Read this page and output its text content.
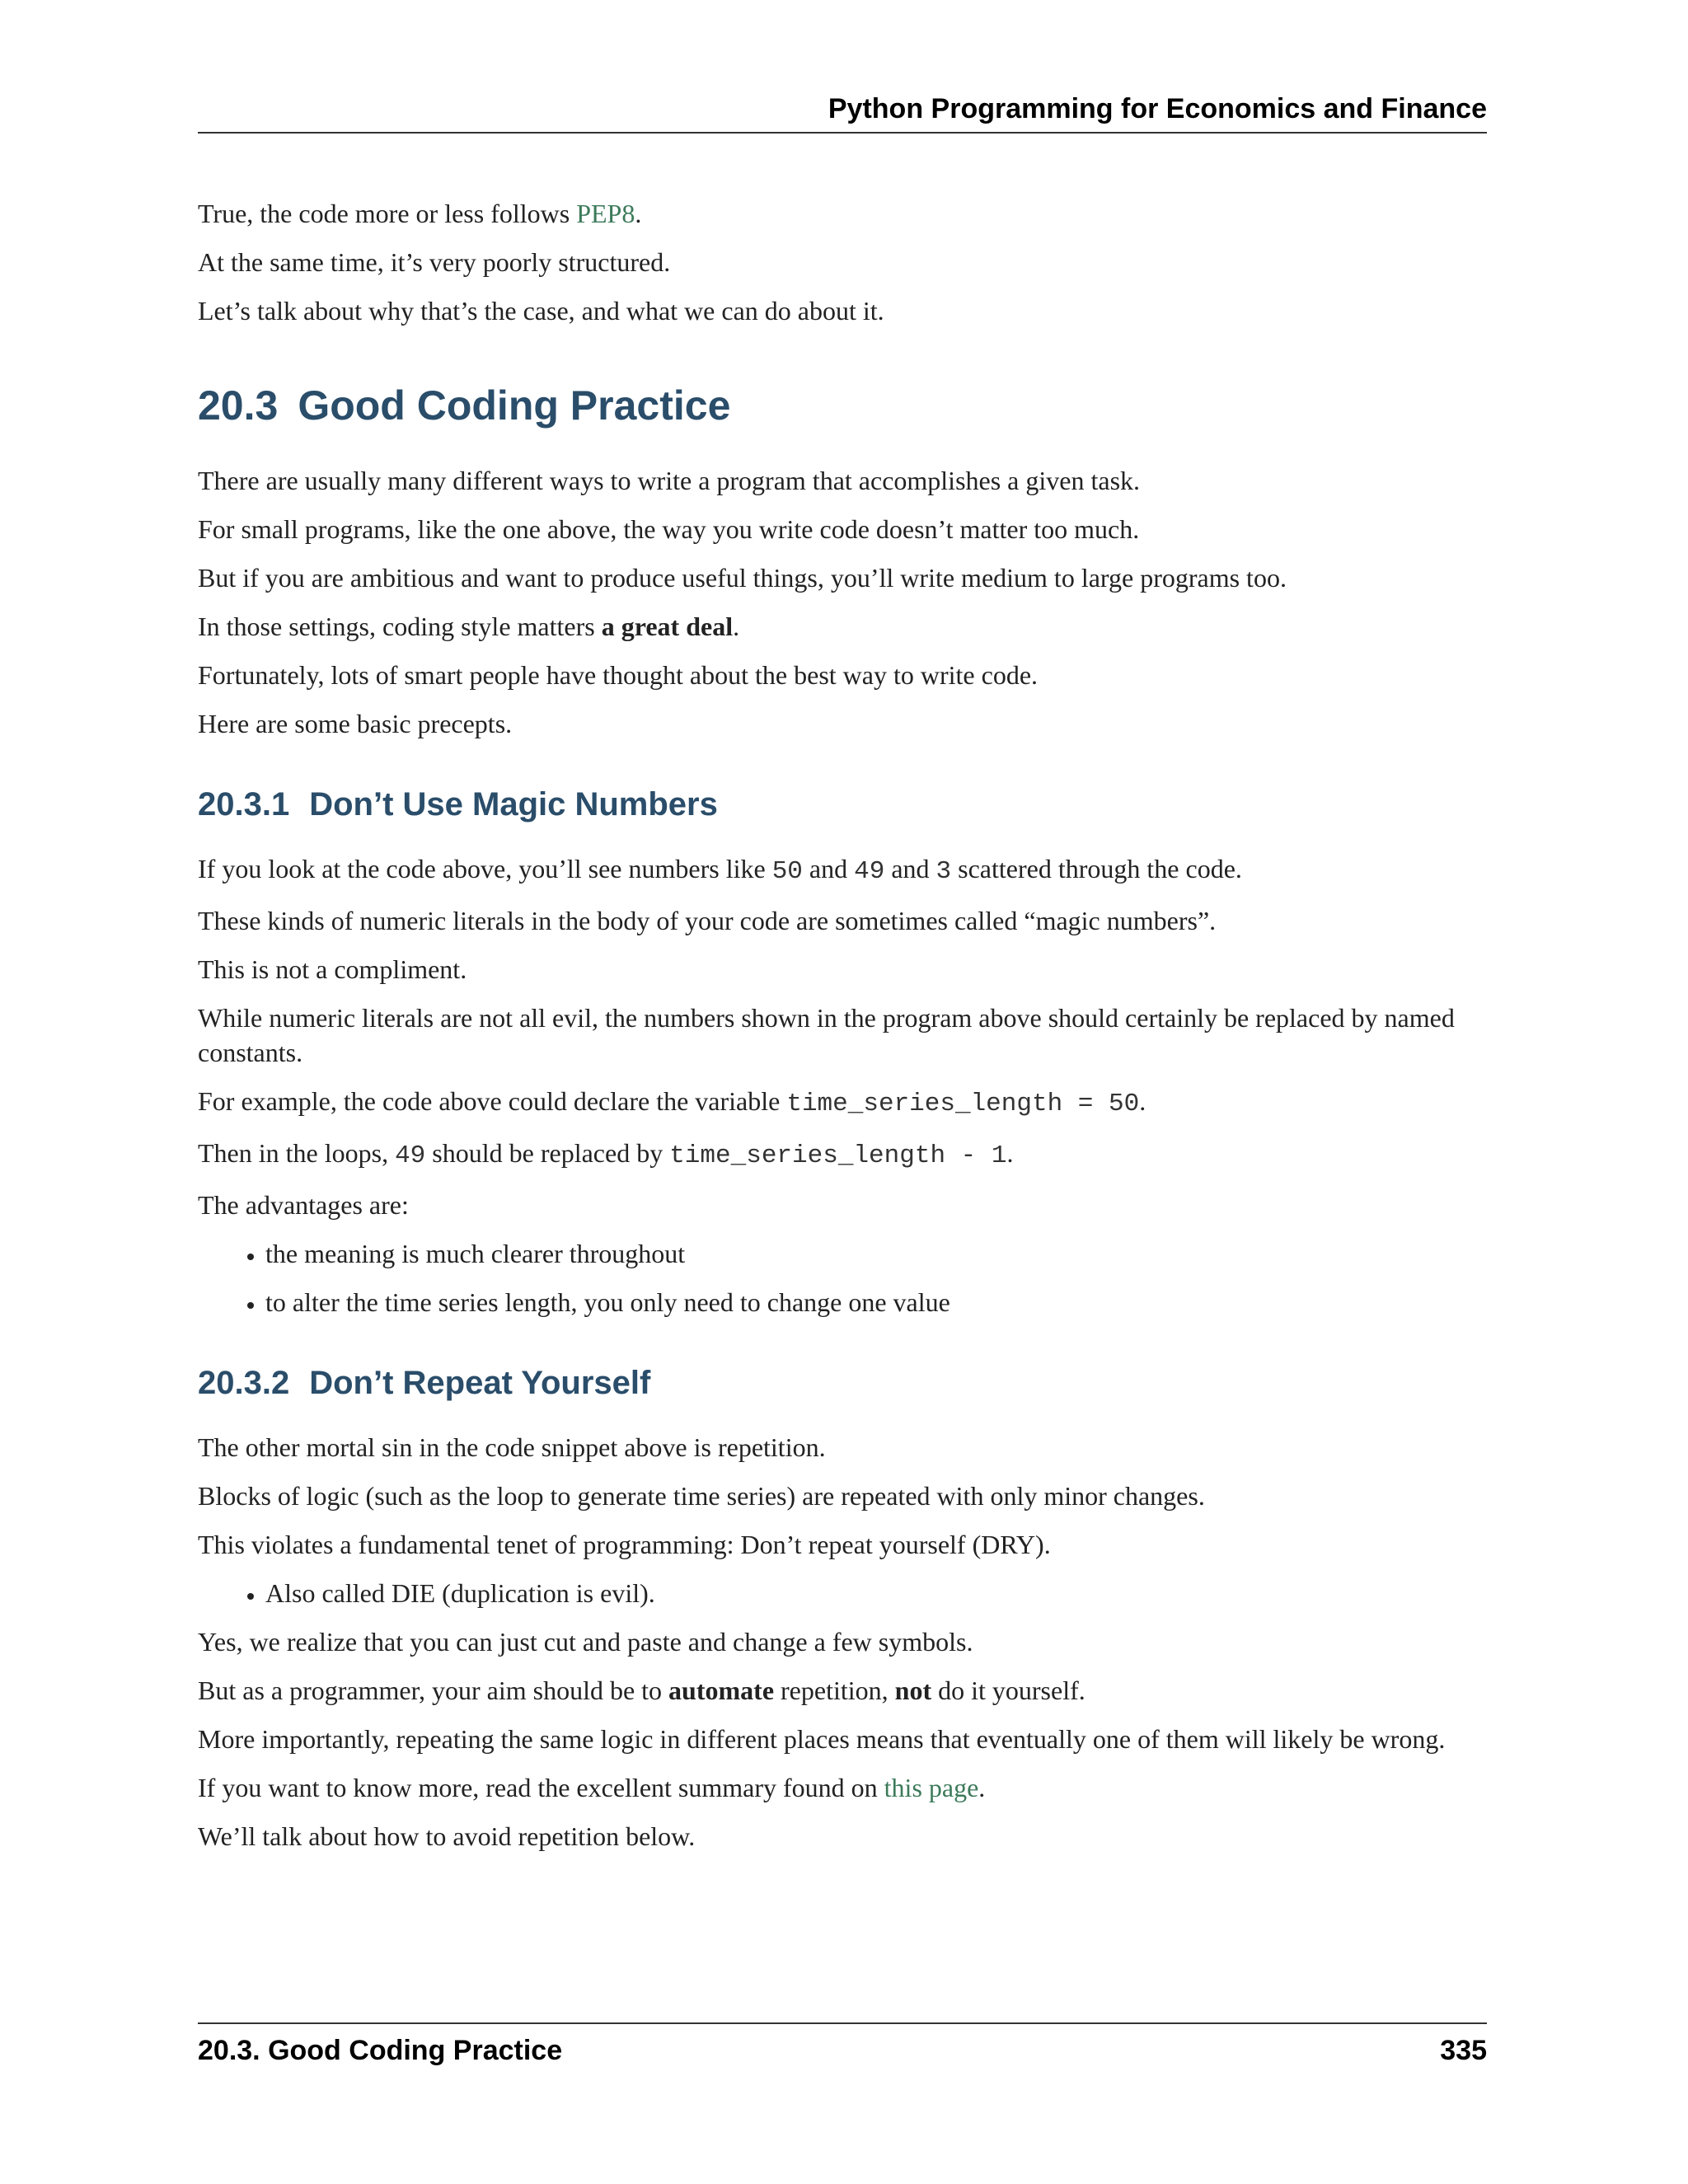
Python Programming for Economics and Finance

True, the code more or less follows PEP8.

At the same time, it’s very poorly structured.

Let’s talk about why that’s the case, and what we can do about it.

20.3 Good Coding Practice

There are usually many different ways to write a program that accomplishes a given task.

For small programs, like the one above, the way you write code doesn’t matter too much.

But if you are ambitious and want to produce useful things, you’ll write medium to large programs too.

In those settings, coding style matters a great deal.

Fortunately, lots of smart people have thought about the best way to write code.

Here are some basic precepts.

20.3.1 Don’t Use Magic Numbers

If you look at the code above, you’ll see numbers like 50 and 49 and 3 scattered through the code.

These kinds of numeric literals in the body of your code are sometimes called “magic numbers”.

This is not a compliment.

While numeric literals are not all evil, the numbers shown in the program above should certainly be replaced by named constants.

For example, the code above could declare the variable time_series_length = 50.

Then in the loops, 49 should be replaced by time_series_length - 1.

The advantages are:

• the meaning is much clearer throughout
• to alter the time series length, you only need to change one value
20.3.2 Don’t Repeat Yourself

The other mortal sin in the code snippet above is repetition.

Blocks of logic (such as the loop to generate time series) are repeated with only minor changes.

This violates a fundamental tenet of programming: Don’t repeat yourself (DRY).

• Also called DIE (duplication is evil).

Yes, we realize that you can just cut and paste and change a few symbols.

But as a programmer, your aim should be to automate repetition, not do it yourself.

More importantly, repeating the same logic in different places means that eventually one of them will likely be wrong.

If you want to know more, read the excellent summary found on this page.

We’ll talk about how to avoid repetition below.

20.3. Good Coding Practice	335
